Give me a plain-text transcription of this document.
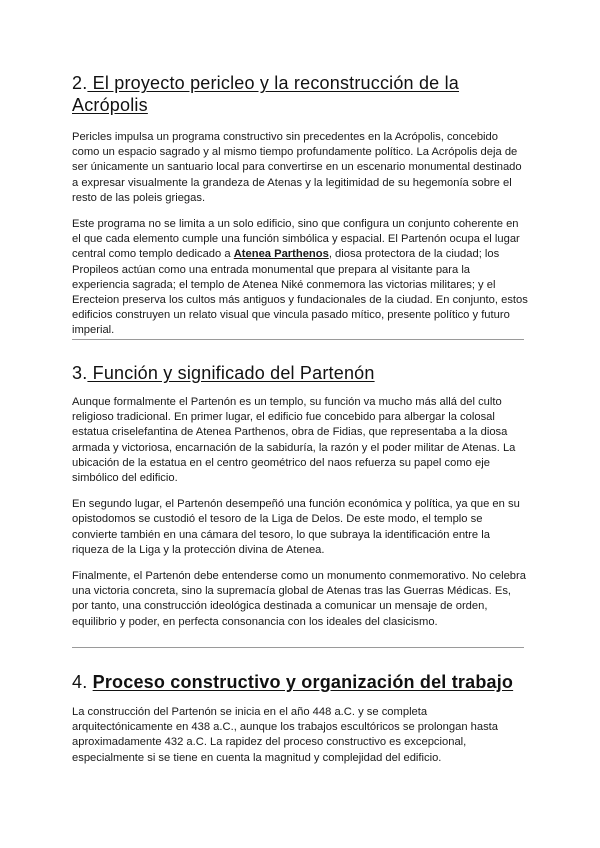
2. El proyecto pericleo y la reconstrucción de la
Acrópolis

Pericles impulsa un programa constructivo sin precedentes en la Acrópolis, concebido como un espacio sagrado y al mismo tiempo profundamente político. La Acrópolis deja de ser únicamente un santuario local para convertirse en un escenario monumental destinado a expresar visualmente la grandeza de Atenas y la legitimidad de su hegemonía sobre el resto de las poleis griegas.

Este programa no se limita a un solo edificio, sino que configura un conjunto coherente en el que cada elemento cumple una función simbólica y espacial. El Partenón ocupa el lugar central como templo dedicado a Atenea Parthenos, diosa protectora de la ciudad; los Propileos actúan como una entrada monumental que prepara al visitante para la experiencia sagrada; el templo de Atenea Niké conmemora las victorias militares; y el Erecteion preserva los cultos más antiguos y fundacionales de la ciudad. En conjunto, estos edificios construyen un relato visual que vincula pasado mítico, presente político y futuro imperial.

3. Función y significado del Partenón

Aunque formalmente el Partenón es un templo, su función va mucho más allá del culto religioso tradicional. En primer lugar, el edificio fue concebido para albergar la colosal estatua criselefantina de Atenea Parthenos, obra de Fidias, que representaba a la diosa armada y victoriosa, encarnación de la sabiduría, la razón y el poder militar de Atenas. La ubicación de la estatua en el centro geométrico del naos refuerza su papel como eje simbólico del edificio.

En segundo lugar, el Partenón desempeñó una función económica y política, ya que en su opistodomos se custodió el tesoro de la Liga de Delos. De este modo, el templo se convierte también en una cámara del tesoro, lo que subraya la identificación entre la riqueza de la Liga y la protección divina de Atenea.

Finalmente, el Partenón debe entenderse como un monumento conmemorativo. No celebra una victoria concreta, sino la supremacía global de Atenas tras las Guerras Médicas. Es, por tanto, una construcción ideológica destinada a comunicar un mensaje de orden, equilibrio y poder, en perfecta consonancia con los ideales del clasicismo.

4. Proceso constructivo y organización del trabajo

La construcción del Partenón se inicia en el año 448 a.C. y se completa arquitectónicamente en 438 a.C., aunque los trabajos escultóricos se prolongan hasta aproximadamente 432 a.C. La rapidez del proceso constructivo es excepcional, especialmente si se tiene en cuenta la magnitud y complejidad del edificio.
